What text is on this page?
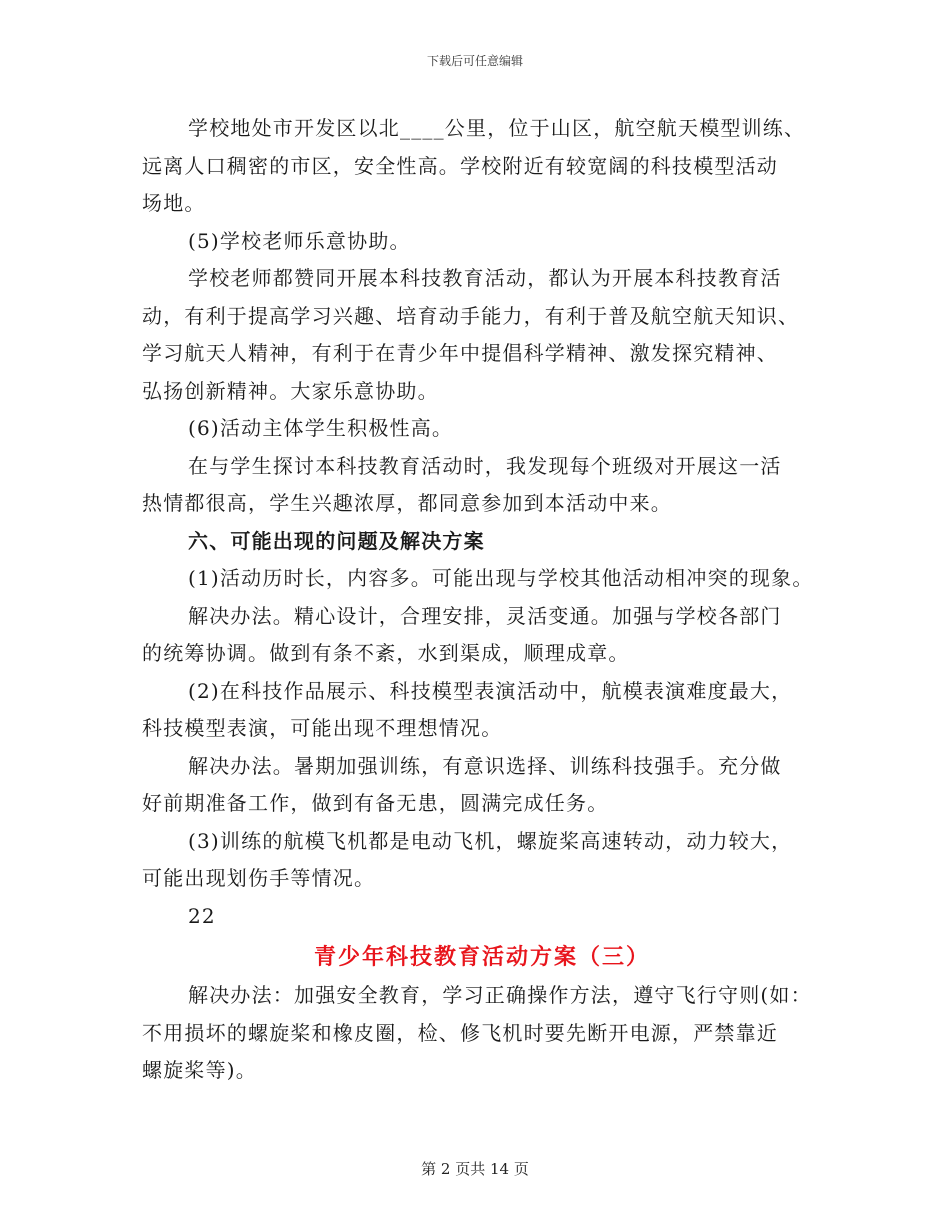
下载后可任意编辑
学校地处市开发区以北____公里，位于山区，航空航天模型训练、
远离人口稠密的市区，安全性高。学校附近有较宽阔的科技模型活动
场地。
(5)学校老师乐意协助。
学校老师都赞同开展本科技教育活动，都认为开展本科技教育活
动，有利于提高学习兴趣、培育动手能力，有利于普及航空航天知识、
学习航天人精神，有利于在青少年中提倡科学精神、激发探究精神、
弘扬创新精神。大家乐意协助。
(6)活动主体学生积极性高。
在与学生探讨本科技教育活动时，我发现每个班级对开展这一活
热情都很高，学生兴趣浓厚，都同意参加到本活动中来。
六、可能出现的问题及解决方案
(1)活动历时长，内容多。可能出现与学校其他活动相冲突的现象。
解决办法。精心设计，合理安排，灵活变通。加强与学校各部门
的统筹协调。做到有条不紊，水到渠成，顺理成章。
(2)在科技作品展示、科技模型表演活动中，航模表演难度最大，
科技模型表演，可能出现不理想情况。
解决办法。暑期加强训练，有意识选择、训练科技强手。充分做
好前期准备工作，做到有备无患，圆满完成任务。
(3)训练的航模飞机都是电动飞机，螺旋桨高速转动，动力较大，
可能出现划伤手等情况。
22
青少年科技教育活动方案（三）
解决办法：加强安全教育，学习正确操作方法，遵守飞行守则(如：
不用损坏的螺旋桨和橡皮圈，检、修飞机时要先断开电源，严禁靠近
螺旋桨等)。
第 2 页共 14 页
